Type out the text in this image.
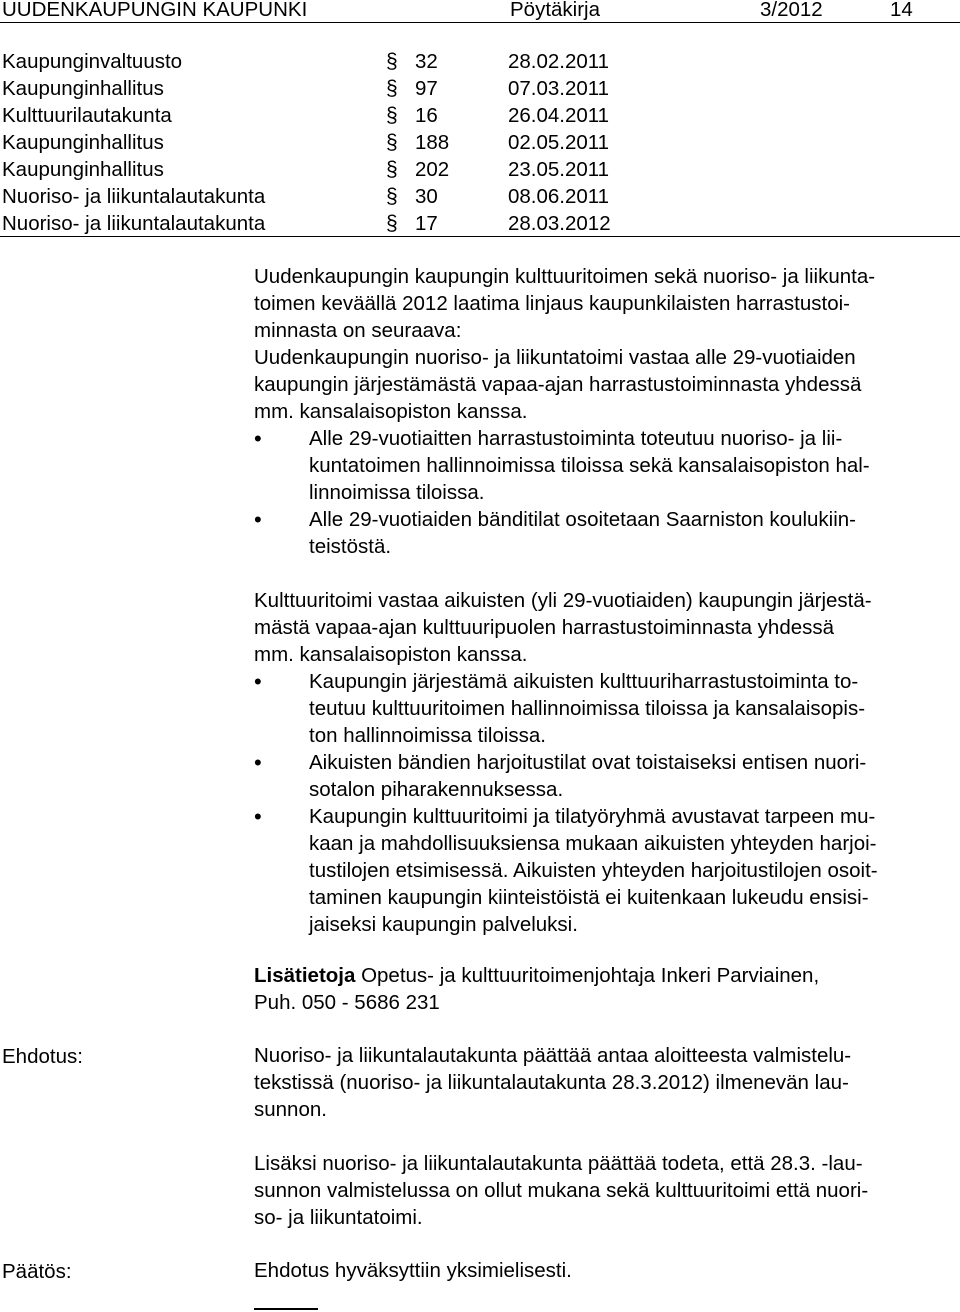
UUDENKAUPUNGIN KAUPUNKI	Pöytäkirja	3/2012	14
Kaupunginvaltuusto	§ 32	28.02.2011
Kaupunginhallitus	§ 97	07.03.2011
Kulttuurilautakunta	§ 16	26.04.2011
Kaupunginhallitus	§ 188	02.05.2011
Kaupunginhallitus	§ 202	23.05.2011
Nuoriso- ja liikuntalautakunta	§ 30	08.06.2011
Nuoriso- ja liikuntalautakunta	§ 17	28.03.2012
Uudenkaupungin kaupungin kulttuuritoimen sekä nuoriso- ja liikunta-
toimen keväällä 2012 laatima linjaus kaupunkilaisten harrastustoi-
minnasta on seuraava:
Uudenkaupungin nuoriso- ja liikuntatoimi vastaa alle 29-vuotiaiden
kaupungin järjestämästä vapaa-ajan harrastustoiminnasta yhdessä
mm. kansalaisopiston kanssa.
• Alle 29-vuotiaitten harrastustoiminta toteutuu nuoriso- ja lii-
kuntatoimen hallinnoimissa tiloissa sekä kansalaisopiston hal-
linnoimissa tiloissa.
• Alle 29-vuotiaiden bänditilat osoitetaan Saarniston koulukiin-
teistöstä.
Kulttuuritoimi vastaa aikuisten (yli 29-vuotiaiden) kaupungin järjestä-
mästä vapaa-ajan kulttuuripuolen harrastustoiminnasta yhdessä
mm. kansalaisopiston kanssa.
• Kaupungin järjestämä aikuisten kulttuuriharrastustoiminta to-
teutuu kulttuuritoimen hallinnoimissa tiloissa ja kansalaisopis-
ton hallinnoimissa tiloissa.
• Aikuisten bändien harjoitustilat ovat toistaiseksi entisen nuori-
sotalon piharakennuksessa.
• Kaupungin kulttuuritoimi ja tilatyöryhmä avustavat tarpeen mu-
kaan ja mahdollisuuksiensa mukaan aikuisten yhteyden harjoi-
tustilojen etsimisessä. Aikuisten yhteyden harjoitustilojen osoit-
taminen kaupungin kiinteistöistä ei kuitenkaan lukeudu ensisi-
jaiseksi kaupungin palveluksi.
Lisätietoja Opetus- ja kulttuuritoimenjohtaja Inkeri Parviainen,
Puh. 050 - 5686 231
Ehdotus:	Nuoriso- ja liikuntalautakunta päättää antaa aloitteesta valmistelu-
tekstissä (nuoriso- ja liikuntalautakunta 28.3.2012) ilmenevän lau-
sunnon.
Lisäksi nuoriso- ja liikuntalautakunta päättää todeta, että 28.3. -lau-
sunnon valmistelussa on ollut mukana sekä kulttuuritoimi että nuori-
so- ja liikuntatoimi.
Päätös:	Ehdotus hyväksyttiin yksimielisesti.
